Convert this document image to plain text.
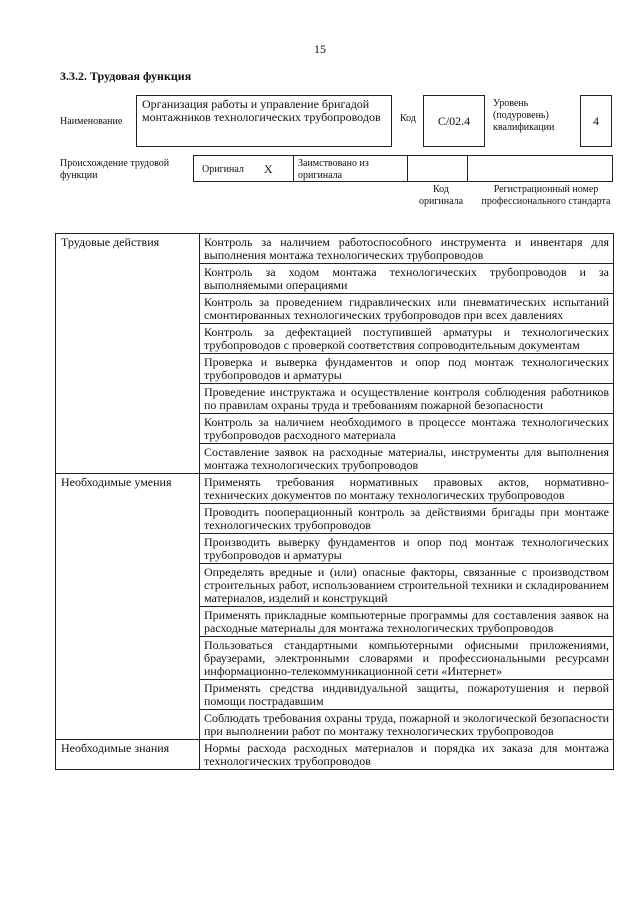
15
3.3.2. Трудовая функция
Наименование
Организация работы и управление бригадой монтажников технологических трубопроводов	Код	C/02.4
Уровень (подуровень) квалификации	4
Происхождение трудовой функции
Оригинал X	Заимствовано из оригинала
Код оригинала
Регистрационный номер профессионального стандарта
Трудовые действия	Контроль за наличием работоспособного инструмента и инвентаря для выполнения монтажа технологических трубопроводов
	Контроль за ходом монтажа технологических трубопроводов и за выполняемыми операциями
	Контроль за проведением гидравлических или пневматических испытаний смонтированных технологических трубопроводов при всех давлениях
	Контроль за дефектацией поступившей арматуры и технологических трубопроводов с проверкой соответствия сопроводительным документам
	Проверка и выверка фундаментов и опор под монтаж технологических трубопроводов и арматуры
	Проведение инструктажа и осуществление контроля соблюдения работников по правилам охраны труда и требованиям пожарной безопасности
	Контроль за наличием необходимого в процессе монтажа технологических трубопроводов расходного материала
	Составление заявок на расходные материалы, инструменты для выполнения монтажа технологических трубопроводов
Необходимые умения	Применять требования нормативных правовых актов, нормативно-технических документов по монтажу технологических трубопроводов
	Проводить пооперационный контроль за действиями бригады при монтаже технологических трубопроводов
	Производить выверку фундаментов и опор под монтаж технологических трубопроводов и арматуры
	Определять вредные и (или) опасные факторы, связанные с производством строительных работ, использованием строительной техники и складированием материалов, изделий и конструкций
	Применять прикладные компьютерные программы для составления заявок на расходные материалы для монтажа технологических трубопроводов
	Пользоваться стандартными компьютерными офисными приложениями, браузерами, электронными словарями и профессиональными ресурсами информационно-телекоммуникационной сети «Интернет»
	Применять средства индивидуальной защиты, пожаротушения и первой помощи пострадавшим
	Соблюдать требования охраны труда, пожарной и экологической безопасности при выполнении работ по монтажу технологических трубопроводов
Необходимые знания	Нормы расхода расходных материалов и порядка их заказа для монтажа технологических трубопроводов
